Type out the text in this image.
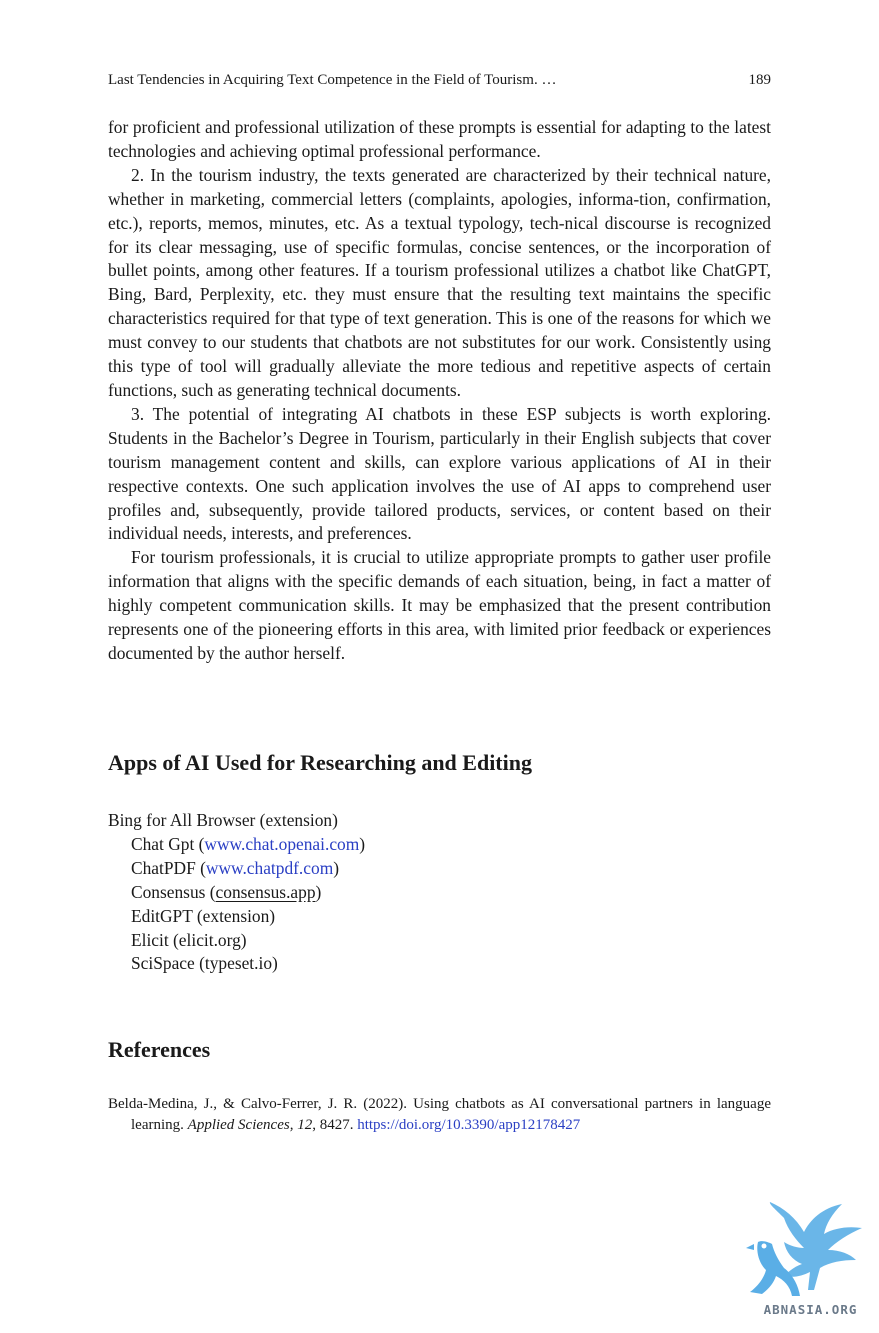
Last Tendencies in Acquiring Text Competence in the Field of Tourism. …	189

for proficient and professional utilization of these prompts is essential for adapting to the latest technologies and achieving optimal professional performance.

2. In the tourism industry, the texts generated are characterized by their technical nature, whether in marketing, commercial letters (complaints, apologies, informa-tion, confirmation, etc.), reports, memos, minutes, etc. As a textual typology, tech-nical discourse is recognized for its clear messaging, use of specific formulas, concise sentences, or the incorporation of bullet points, among other features. If a tourism professional utilizes a chatbot like ChatGPT, Bing, Bard, Perplexity, etc. they must ensure that the resulting text maintains the specific characteristics required for that type of text generation. This is one of the reasons for which we must convey to our students that chatbots are not substitutes for our work. Consistently using this type of tool will gradually alleviate the more tedious and repetitive aspects of certain functions, such as generating technical documents.

3. The potential of integrating AI chatbots in these ESP subjects is worth exploring. Students in the Bachelor’s Degree in Tourism, particularly in their English subjects that cover tourism management content and skills, can explore various applications of AI in their respective contexts. One such application involves the use of AI apps to comprehend user profiles and, subsequently, provide tailored products, services, or content based on their individual needs, interests, and preferences.

For tourism professionals, it is crucial to utilize appropriate prompts to gather user profile information that aligns with the specific demands of each situation, being, in fact a matter of highly competent communication skills. It may be emphasized that the present contribution represents one of the pioneering efforts in this area, with limited prior feedback or experiences documented by the author herself.

Apps of AI Used for Researching and Editing
Bing for All Browser (extension)
Chat Gpt (www.chat.openai.com)
ChatPDF (www.chatpdf.com)
Consensus (consensus.app)
EditGPT (extension)
Elicit (elicit.org)
SciSpace (typeset.io)
References
Belda-Medina, J., & Calvo-Ferrer, J. R. (2022). Using chatbots as AI conversational partners in language learning. Applied Sciences, 12, 8427. https://doi.org/10.3390/app12178427
ABNASIA.ORG
